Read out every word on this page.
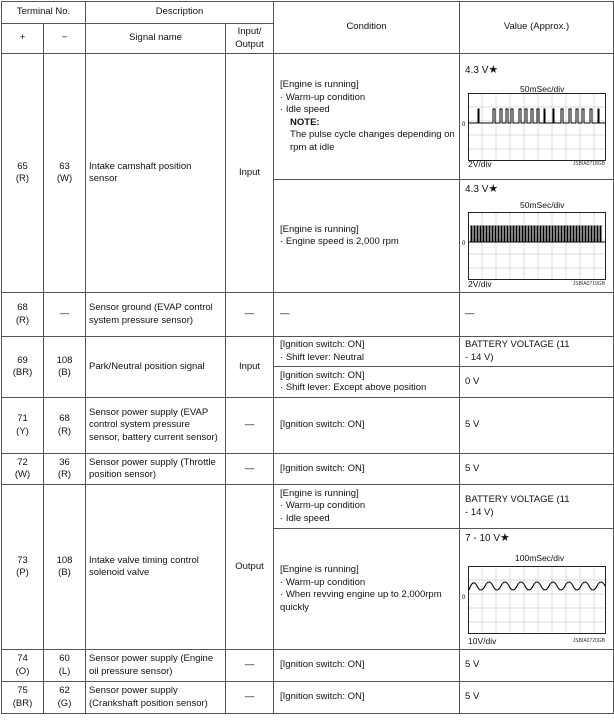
Terminal No.		Description		Condition	Value (Approx.)
+	−	Signal name	Input/ Output		
65 (R)	63 (W)	Intake camshaft position sensor	Input	[Engine is running]
· Warm-up condition
· Idle speed
NOTE:
The pulse cycle changes depending on rpm at idle	4.3 V★
50mSec/div
0
2V/div JSBIA0718GB

				[Engine is running]
· Engine speed is 2,000 rpm	4.3 V★
50mSec/div
0
2V/div JSBIA0719GB

68 (R)	—	Sensor ground (EVAP control system pressure sensor)	—	—	—
69 (BR)	108 (B)	Park/Neutral position signal	Input	[Ignition switch: ON]
· Shift lever: Neutral	BATTERY VOLTAGE (11 - 14 V)

				[Ignition switch: ON]
· Shift lever: Except above position	0 V
71 (Y)	68 (R)	Sensor power supply (EVAP control system pressure sensor, battery current sensor)	—	[Ignition switch: ON]	5 V
72 (W)	36 (R)	Sensor power supply (Throttle position sensor)	—	[Ignition switch: ON]	5 V
73 (P)	108 (B)	Intake valve timing control solenoid valve	Output	[Engine is running]
· Warm-up condition
· Idle speed	BATTERY VOLTAGE (11 - 14 V)

				[Engine is running]
· Warm-up condition
· When revving engine up to 2,000rpm quickly	7 - 10 V★
100mSec/div
0
10V/div JSBIA0720GB

74 (O)	60 (L)	Sensor power supply (Engine oil pressure sensor)	—	[Ignition switch: ON]	5 V
75 (BR)	62 (G)	Sensor power supply (Crankshaft position sensor)	—	[Ignition switch: ON]	5 V
